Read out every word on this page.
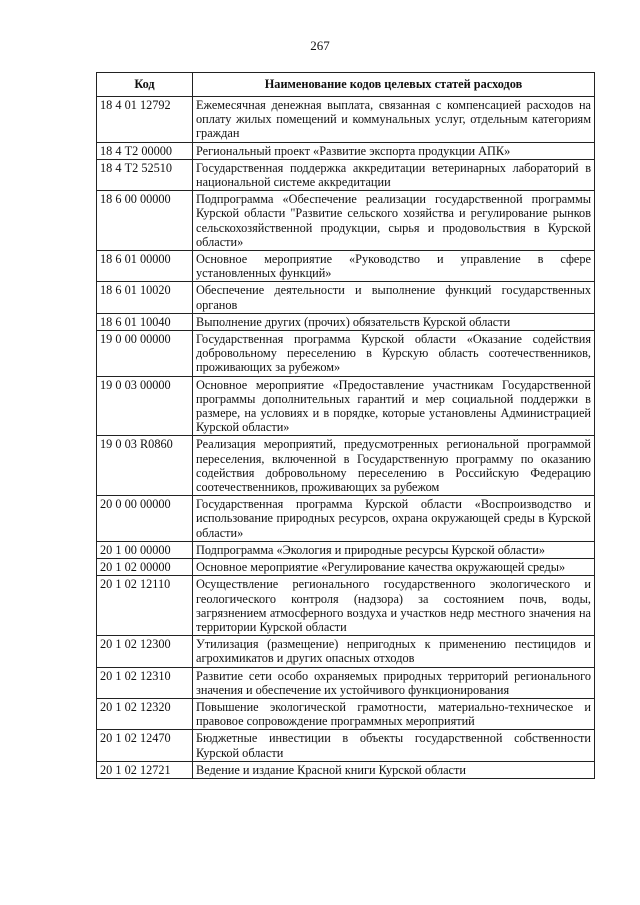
267
Код	Наименование кодов целевых статей расходов
18 4 01 12792	Ежемесячная денежная выплата, связанная с компенсацией расходов на оплату жилых помещений и коммунальных услуг, отдельным категориям граждан
18 4 Т2 00000	Региональный проект «Развитие экспорта продукции АПК»
18 4 Т2 52510	Государственная поддержка аккредитации ветеринарных лабораторий в национальной системе аккредитации
18 6 00 00000	Подпрограмма «Обеспечение реализации государственной программы Курской области "Развитие сельского хозяйства и регулирование рынков сельскохозяйственной продукции, сырья и продовольствия в Курской области»
18 6 01 00000	Основное мероприятие «Руководство и управление в сфере установленных функций»
18 6 01 10020	Обеспечение деятельности и выполнение функций государственных органов
18 6 01 10040	Выполнение других (прочих) обязательств Курской области
19 0 00 00000	Государственная программа Курской области «Оказание содействия добровольному переселению в Курскую область соотечественников, проживающих за рубежом»
19 0 03 00000	Основное мероприятие «Предоставление участникам Государственной программы дополнительных гарантий и мер социальной поддержки в размере, на условиях и в порядке, которые установлены Администрацией Курской области»
19 0 03 R0860	Реализация мероприятий, предусмотренных региональной программой переселения, включенной в Государственную программу по оказанию содействия добровольному переселению в Российскую Федерацию соотечественников, проживающих за рубежом
20 0 00 00000	Государственная программа Курской области «Воспроизводство и использование природных ресурсов, охрана окружающей среды в Курской области»
20 1 00 00000	Подпрограмма «Экология и природные ресурсы Курской области»
20 1 02 00000	Основное мероприятие «Регулирование качества окружающей среды»
20 1 02 12110	Осуществление регионального государственного экологического и геологического контроля (надзора) за состоянием почв, воды, загрязнением атмосферного воздуха и участков недр местного значения на территории Курской области
20 1 02 12300	Утилизация (размещение) непригодных к применению пестицидов и агрохимикатов и других опасных отходов
20 1 02 12310	Развитие сети особо охраняемых природных территорий регионального значения и обеспечение их устойчивого функционирования
20 1 02 12320	Повышение экологической грамотности, материально-техническое и правовое сопровождение программных мероприятий
20 1 02 12470	Бюджетные инвестиции в объекты государственной собственности Курской области
20 1 02 12721	Ведение и издание Красной книги Курской области
